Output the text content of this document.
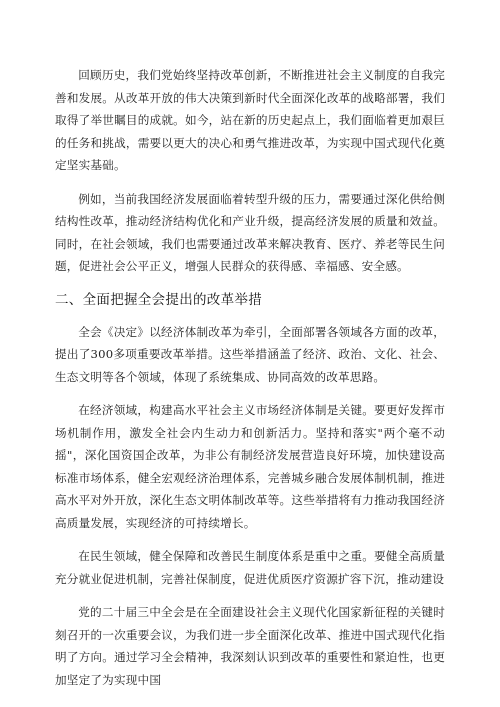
回顾历史，我们党始终坚持改革创新，不断推进社会主义制度的自我完善和发展。从改革开放的伟大决策到新时代全面深化改革的战略部署，我们取得了举世瞩目的成就。如今，站在新的历史起点上，我们面临着更加艰巨的任务和挑战，需要以更大的决心和勇气推进改革，为实现中国式现代化奠定坚实基础。

例如，当前我国经济发展面临着转型升级的压力，需要通过深化供给侧结构性改革，推动经济结构优化和产业升级，提高经济发展的质量和效益。同时，在社会领域，我们也需要通过改革来解决教育、医疗、养老等民生问题，促进社会公平正义，增强人民群众的获得感、幸福感、安全感。

二、全面把握全会提出的改革举措

全会《决定》以经济体制改革为牵引，全面部署各领域各方面的改革，提出了300多项重要改革举措。这些举措涵盖了经济、政治、文化、社会、生态文明等各个领域，体现了系统集成、协同高效的改革思路。

在经济领域，构建高水平社会主义市场经济体制是关键。要更好发挥市场机制作用，激发全社会内生动力和创新活力。坚持和落实"两个毫不动摇"，深化国资国企改革，为非公有制经济发展营造良好环境，加快建设高标准市场体系，健全宏观经济治理体系，完善城乡融合发展体制机制，推进高水平对外开放，深化生态文明体制改革等。这些举措将有力推动我国经济高质量发展，实现经济的可持续增长。

在民生领域，健全保障和改善民生制度体系是重中之重。要健全高质量充分就业促进机制，完善社保制度，促进优质医疗资源扩容下沉，推动建设

党的二十届三中全会是在全面建设社会主义现代化国家新征程的关键时刻召开的一次重要会议，为我们进一步全面深化改革、推进中国式现代化指明了方向。通过学习全会精神，我深刻认识到改革的重要性和紧迫性，也更加坚定了为实现中国
